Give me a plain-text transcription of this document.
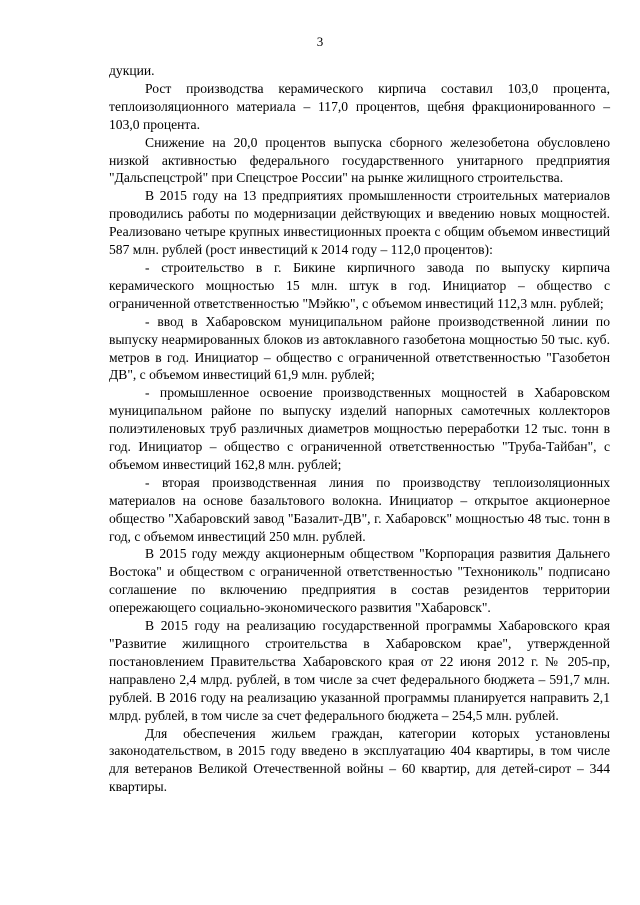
3

дукции.

Рост производства керамического кирпича составил 103,0 процента, теплоизоляционного материала – 117,0 процентов, щебня фракционированного – 103,0 процента.

Снижение на 20,0 процентов выпуска сборного железобетона обусловлено низкой активностью федерального государственного унитарного предприятия "Дальспецстрой" при Спецстрое России" на рынке жилищного строительства.

В 2015 году на 13 предприятиях промышленности строительных материалов проводились работы по модернизации действующих и введению новых мощностей. Реализовано четыре крупных инвестиционных проекта с общим объемом инвестиций 587 млн. рублей (рост инвестиций к 2014 году – 112,0 процентов):

- строительство в г. Бикине кирпичного завода по выпуску кирпича керамического мощностью 15 млн. штук в год. Инициатор – общество с ограниченной ответственностью "Мэйкю", с объемом инвестиций 112,3 млн. рублей;

- ввод в Хабаровском муниципальном районе производственной линии по выпуску неармированных блоков из автоклавного газобетона мощностью 50 тыс. куб. метров в год. Инициатор – общество с ограниченной ответственностью "Газобетон ДВ", с объемом инвестиций 61,9 млн. рублей;

- промышленное освоение производственных мощностей в Хабаровском муниципальном районе по выпуску изделий напорных самотечных коллекторов полиэтиленовых труб различных диаметров мощностью переработки 12 тыс. тонн в год. Инициатор – общество с ограниченной ответственностью "Труба-Тайбан", с объемом инвестиций 162,8 млн. рублей;

- вторая производственная линия по производству теплоизоляционных материалов на основе базальтового волокна. Инициатор – открытое акционерное общество "Хабаровский завод "Базалит-ДВ", г. Хабаровск" мощностью 48 тыс. тонн в год, с объемом инвестиций 250 млн. рублей.

В 2015 году между акционерным обществом "Корпорация развития Дальнего Востока" и обществом с ограниченной ответственностью "Технониколь" подписано соглашение по включению предприятия в состав резидентов территории опережающего социально-экономического развития "Хабаровск".

В 2015 году на реализацию государственной программы Хабаровского края "Развитие жилищного строительства в Хабаровском крае", утвержденной постановлением Правительства Хабаровского края от 22 июня 2012 г. № 205-пр, направлено 2,4 млрд. рублей, в том числе за счет федерального бюджета – 591,7 млн. рублей. В 2016 году на реализацию указанной программы планируется направить 2,1 млрд. рублей, в том числе за счет федерального бюджета – 254,5 млн. рублей.

Для обеспечения жильем граждан, категории которых установлены законодательством, в 2015 году введено в эксплуатацию 404 квартиры, в том числе для ветеранов Великой Отечественной войны – 60 квартир, для детей-сирот – 344 квартиры.
